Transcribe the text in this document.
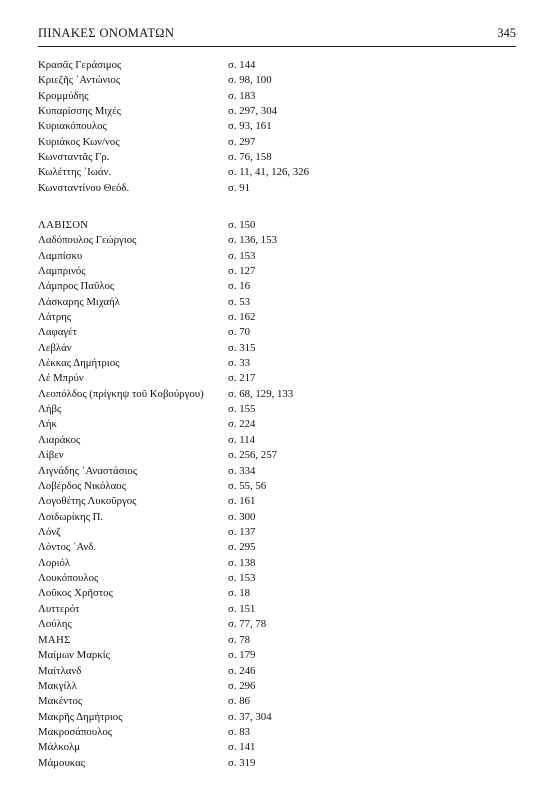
ΠΙΝΑΚΕΣ ΟΝΟΜΑΤΩΝ	345
Κρασᾶς Γεράσιμος	σ. 144
Κριεζῆς ᾿Αντώνιος	σ. 98, 100
Κρομμύδης	σ. 183
Κυπαρίσσης Μιχές	σ. 297, 304
Κυριακόπουλος	σ. 93, 161
Κυριάκος Κων/νος	σ. 297
Κωνσταντᾶς Γρ.	σ. 76, 158
Κωλέττης ᾿Ιωάν.	σ. 11, 41, 126, 326
Κωνσταντίνου Θεόδ.	σ. 91
ΛΑΒΙΣΟΝ	σ. 150
Λαδόπουλος Γεώργιος	σ. 136, 153
Λαμπίσκυ	σ. 153
Λαμπρινός	σ. 127
Λάμπρος Παῦλος	σ. 16
Λάσκαρης Μιχαήλ	σ. 53
Λάτρης	σ. 162
Λαφαγέτ	σ. 70
Λεβλάν	σ. 315
Λέκκας Δημήτριος	σ. 33
Λέ Μπρύν	σ. 217
Λεοπόλδος (πρίγκηψ τοῦ Κοβούργου) σ. 68, 129, 133
Λήβς	σ. 155
Λήκ	σ. 224
Λιαράκος	σ. 114
Λίβεν	σ. 256, 257
Λιγνάδης ᾿Αναστάσιος	σ. 334
Λοβέρδος Νικόλαος	σ. 55, 56
Λογοθέτης Λυκοῦργος	σ. 161
Λοιδωρίκης Π.	σ. 300
Λόνζ	σ. 137
Λόντος ᾿Ανδ.	σ. 295
Λοριόλ	σ. 138
Λουκόπουλος	σ. 153
Λοῦκος Χρῆστος	σ. 18
Λυττερότ	σ. 151
Λούλης	σ. 77, 78
ΜΑΗΣ	σ. 78
Μαίμων Μαρκίς	σ. 179
Μαίτλανδ	σ. 246
Μακγίλλ	σ. 296
Μακέντος	σ. 86
Μακρῆς Δημήτριος	σ. 37, 304
Μακροσάπουλος	σ. 83
Μάλκολμ	σ. 141
Μάμουκας	σ. 319
